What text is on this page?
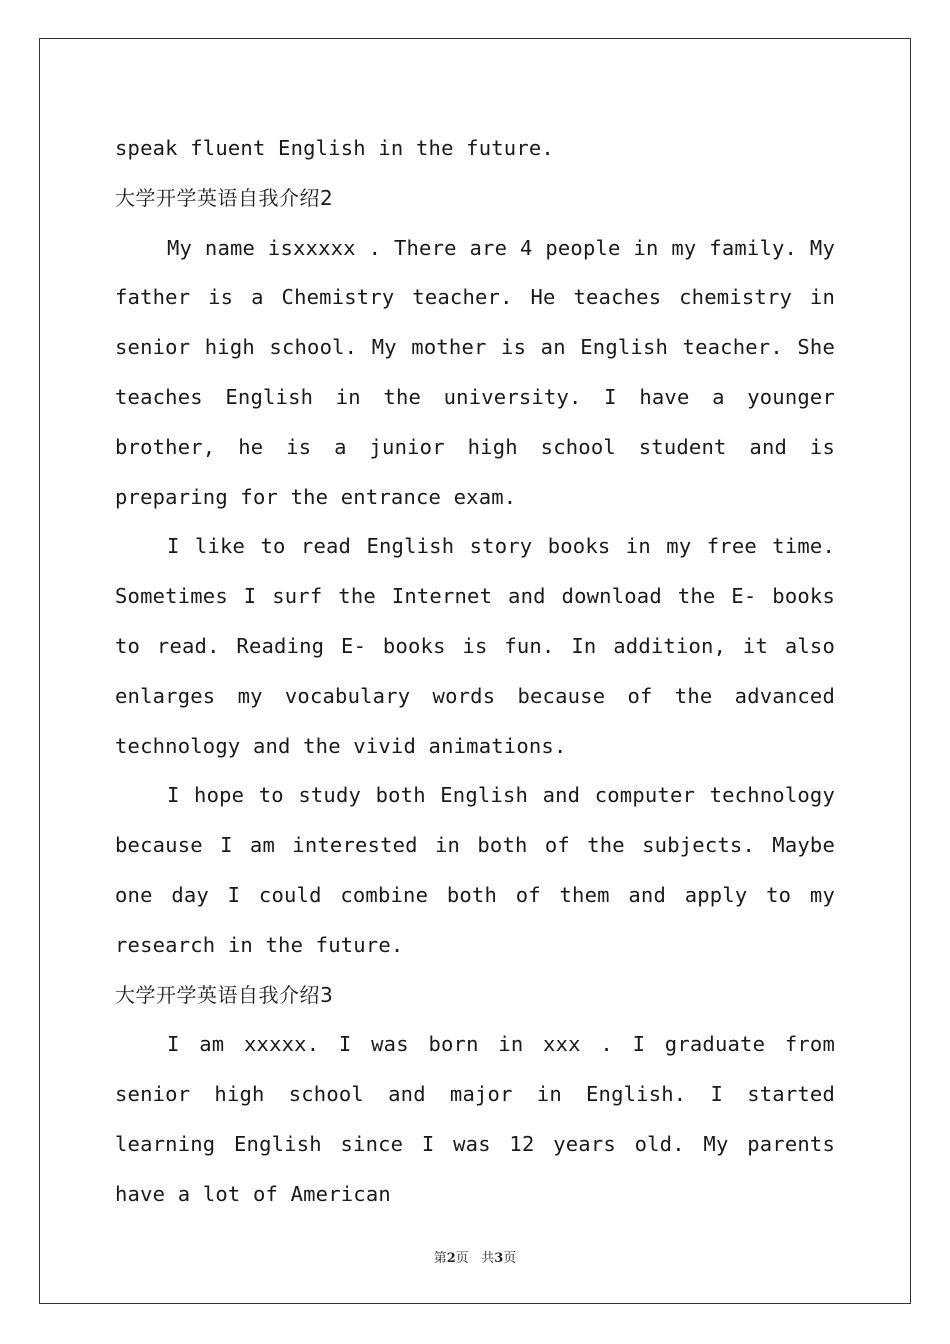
speak fluent English in the future.

大学开学英语自我介绍2

My name isxxxxx . There are 4 people in my family. My father is a Chemistry teacher. He teaches chemistry in senior high school. My mother is an English teacher. She teaches English in the university. I have a younger brother, he is a junior high school student and is preparing for the entrance exam.

I like to read English story books in my free time. Sometimes I surf the Internet and download the E- books to read. Reading E- books is fun. In addition, it also enlarges my vocabulary words because of the advanced technology and the vivid animations.

I hope to study both English and computer technology because I am interested in both of the subjects. Maybe one day I could combine both of them and apply to my research in the future.

大学开学英语自我介绍3

I am xxxxx. I was born in xxx . I graduate from senior high school and major in English. I started learning English since I was 12 years old. My parents have a lot of American

第2页 共3页
